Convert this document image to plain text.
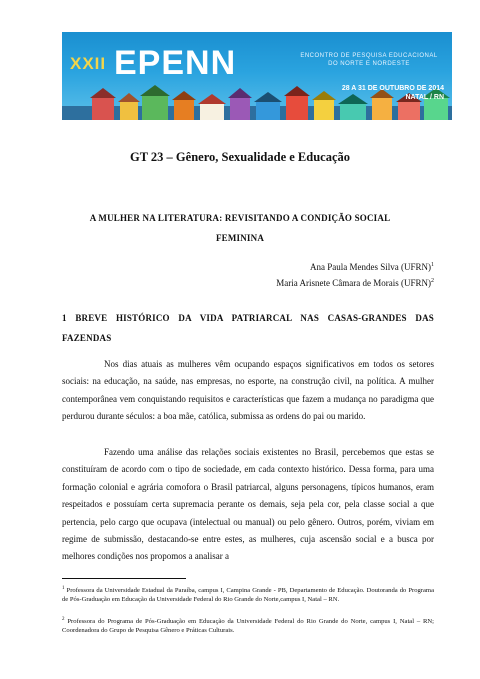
XXII EPENN	ENCONTRO DE PESQUISA EDUCACIONAL
DO NORTE E NORDESTE
28 A 31 DE OUTUBRO DE 2014
NATAL / RN
GT 23 – Gênero, Sexualidade e Educação
A MULHER NA LITERATURA: REVISITANDO A CONDIÇÃO SOCIAL FEMININA
Ana Paula Mendes Silva (UFRN)$^1$
Maria Arisnete Câmara de Morais (UFRN)$^2$
1 BREVE HISTÓRICO DA VIDA PATRIARCAL NAS CASAS-GRANDES DAS FAZENDAS

Nos dias atuais as mulheres vêm ocupando espaços significativos em todos os setores sociais: na educação, na saúde, nas empresas, no esporte, na construção civil, na política. A mulher contemporânea vem conquistando requisitos e características que fazem a mudança no paradigma que perdurou durante séculos: a boa mãe, católica, submissa as ordens do pai ou marido.

Fazendo uma análise das relações sociais existentes no Brasil, percebemos que estas se constituíram de acordo com o tipo de sociedade, em cada contexto histórico. Dessa forma, para uma formação colonial e agrária comofora o Brasil patriarcal, alguns personagens, típicos humanos, eram respeitados e possuíam certa supremacia perante os demais, seja pela cor, pela classe social a que pertencia, pelo cargo que ocupava (intelectual ou manual) ou pelo gênero. Outros, porém, viviam em regime de submissão, destacando-se entre estes, as mulheres, cuja ascensão social e a busca por melhores condições nos propomos a analisar a

$^1$ Professora da Universidade Estadual da Paraíba, campus I, Campina Grande - PB, Departamento de Educação. Doutoranda do Programa de Pós-Graduação em Educação da Universidade Federal do Rio Grande do Norte,campus I, Natal – RN.

$^2$ Professora do Programa de Pós-Graduação em Educação da Universidade Federal do Rio Grande do Norte, campus I, Natal – RN; Coordenadora do Grupo de Pesquisa Gênero e Práticas Culturais.
